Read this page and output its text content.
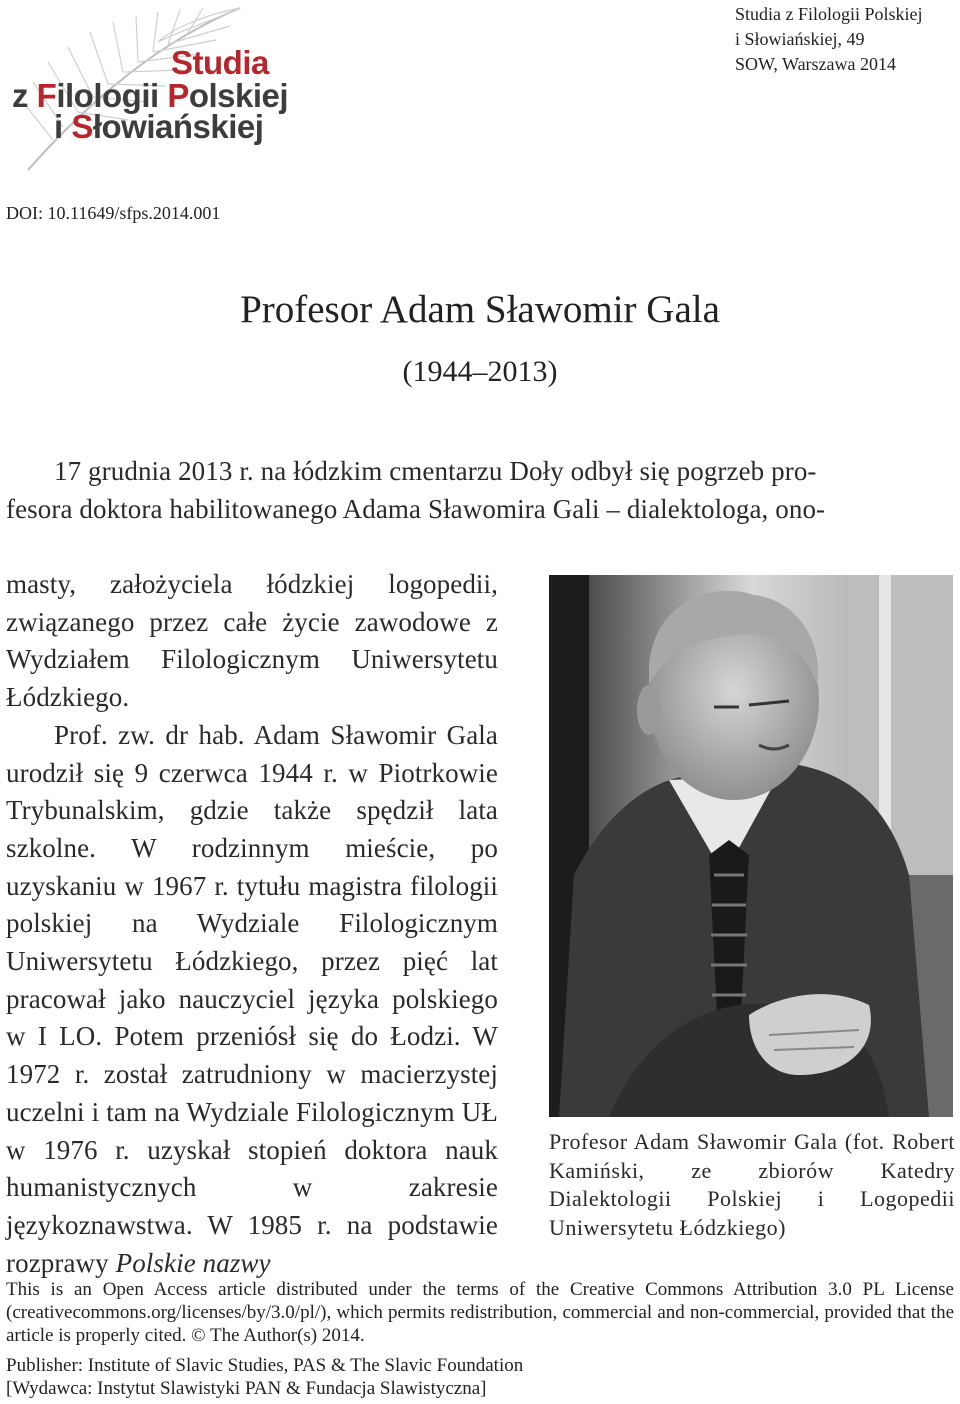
Studia
z Filologii Polskiej
i Słowiańskiej
Studia z Filologii Polskiej
i Słowiańskiej, 49
SOW, Warszawa 2014
DOI: 10.11649/sfps.2014.001
Profesor Adam Sławomir Gala
(1944–2013)

17 grudnia 2013 r. na łódzkim cmentarzu Doły odbył się pogrzeb pro-

fesora doktora habilitowanego Adama Sławomira Gali – dialektologa, ono-

masty, założyciela łódzkiej logopedii, związanego przez całe życie zawodowe z Wydziałem Filologicznym Uniwersytetu Łódzkiego.

Prof. zw. dr hab. Adam Sławomir Gala urodził się 9 czerwca 1944 r. w Piotrkowie Trybunalskim, gdzie także spędził lata szkolne. W rodzinnym mieście, po uzyskaniu w 1967 r. tytułu magistra filologii polskiej na Wydziale Filologicznym Uniwersytetu Łódzkiego, przez pięć lat pracował jako nauczyciel języka polskiego w I LO. Potem przeniósł się do Łodzi. W 1972 r. został zatrudniony w macierzystej uczelni i tam na Wydziale Filologicznym UŁ w 1976 r. uzyskał stopień doktora nauk humanistycznych w zakresie językoznawstwa. W 1985 r. na podstawie rozprawy Polskie nazwy

Profesor Adam Sławomir Gala (fot. Robert Kamiński, ze zbiorów Katedry Dialektologii Polskiej i Logopedii Uniwersytetu Łódzkiego)
This is an Open Access article distributed under the terms of the Creative Commons Attribution 3.0 PL License (creativecommons.org/licenses/by/3.0/pl/), which permits redistribution, commercial and non-commercial, provided that the article is properly cited. © The Author(s) 2014.
Publisher: Institute of Slavic Studies, PAS & The Slavic Foundation
[Wydawca: Instytut Slawistyki PAN & Fundacja Slawistyczna]
